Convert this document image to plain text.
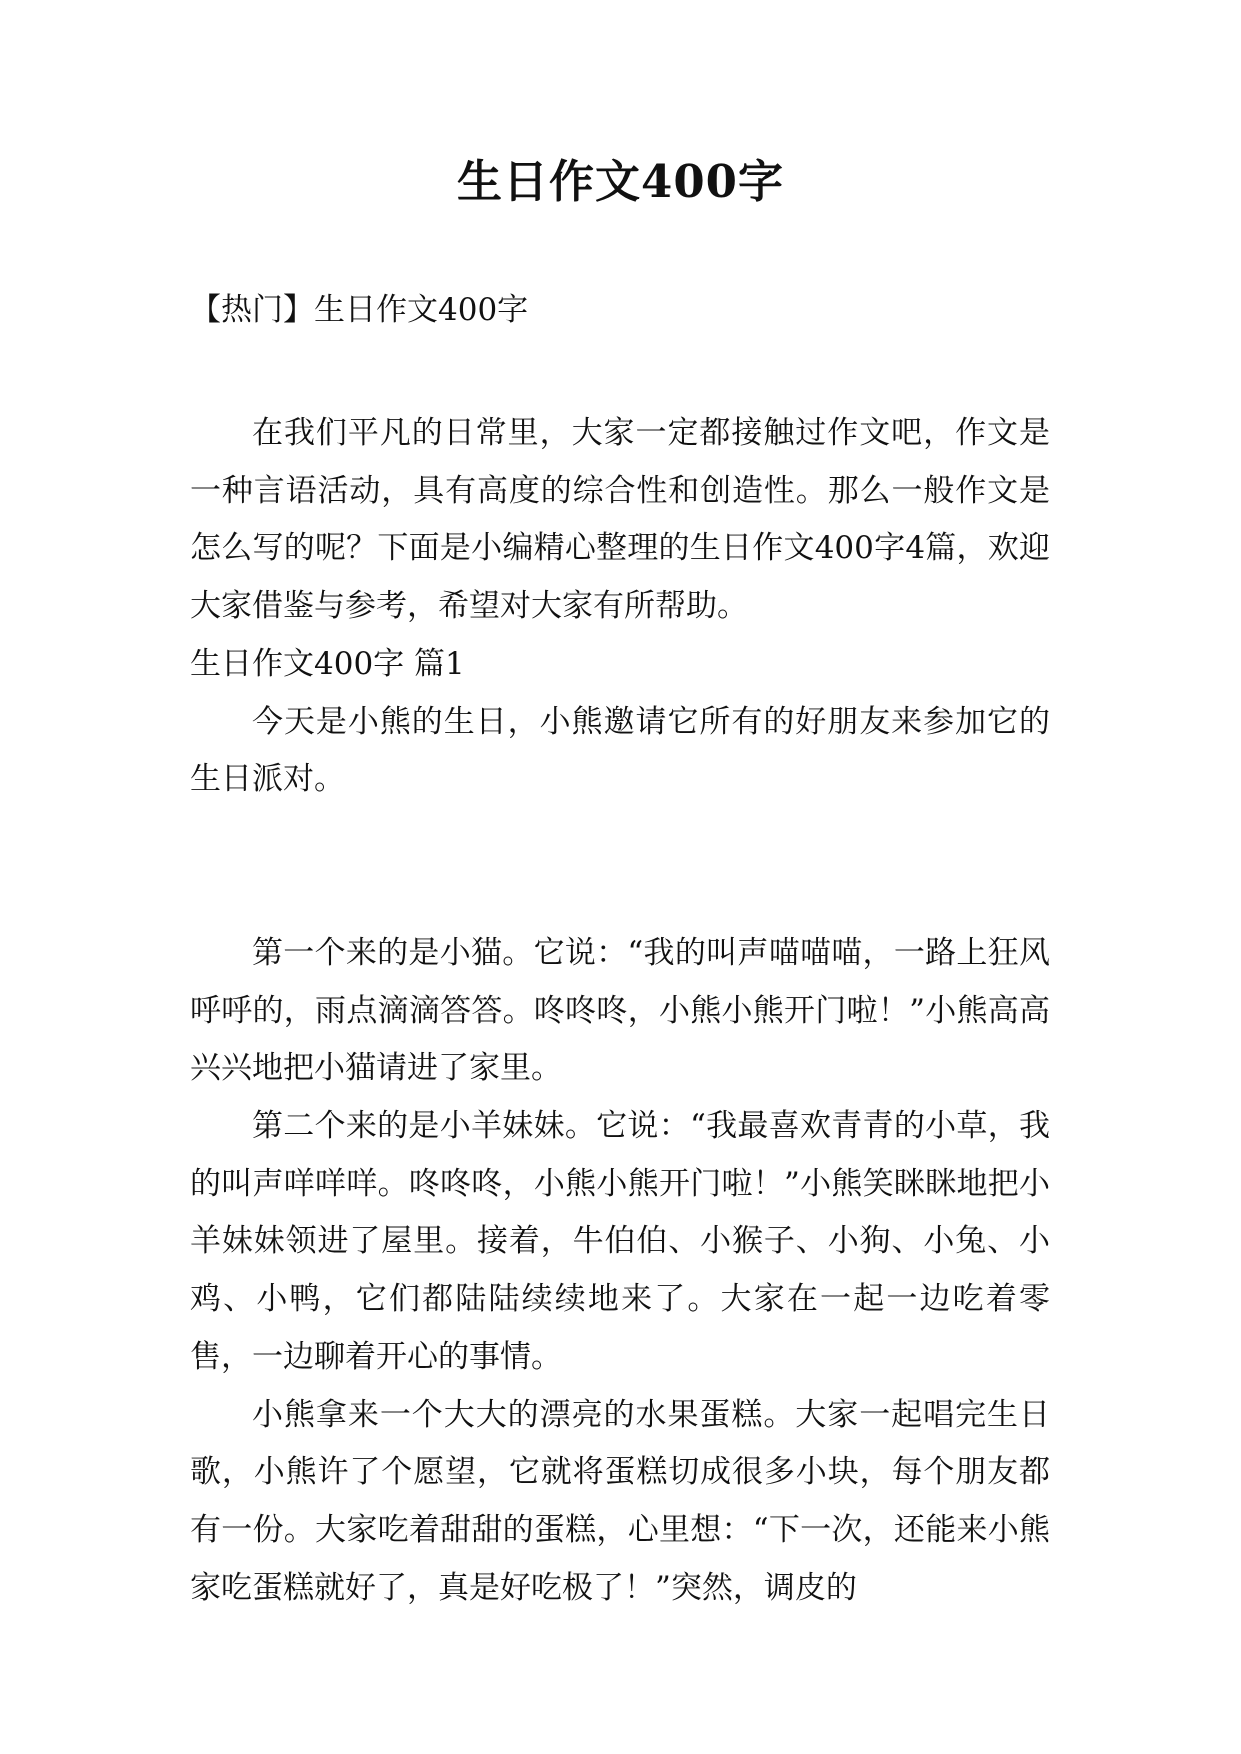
生日作文400字

【热门】生日作文400字

在我们平凡的日常里，大家一定都接触过作文吧，作文是一种言语活动，具有高度的综合性和创造性。那么一般作文是怎么写的呢？下面是小编精心整理的生日作文400字4篇，欢迎大家借鉴与参考，希望对大家有所帮助。

生日作文400字 篇1

今天是小熊的生日，小熊邀请它所有的好朋友来参加它的生日派对。

第一个来的是小猫。它说：“我的叫声喵喵喵，一路上狂风呼呼的，雨点滴滴答答。咚咚咚，小熊小熊开门啦！”小熊高高兴兴地把小猫请进了家里。

第二个来的是小羊妹妹。它说：“我最喜欢青青的小草，我的叫声咩咩咩。咚咚咚，小熊小熊开门啦！”小熊笑眯眯地把小羊妹妹领进了屋里。接着，牛伯伯、小猴子、小狗、小兔、小鸡、小鸭，它们都陆陆续续地来了。大家在一起一边吃着零售，一边聊着开心的事情。

小熊拿来一个大大的漂亮的水果蛋糕。大家一起唱完生日歌，小熊许了个愿望，它就将蛋糕切成很多小块，每个朋友都有一份。大家吃着甜甜的蛋糕，心里想：“下一次，还能来小熊家吃蛋糕就好了，真是好吃极了！”突然，调皮的
